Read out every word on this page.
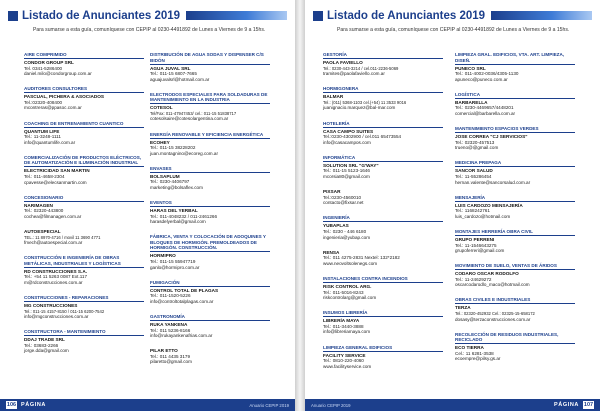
Listado de Anunciantes 2019
Para sumarse a esta guía, comuníquese con CEPIP al 0230-4491892 de Lunes a Viernes de 9 a 15hs.
AIRE COMPRIMIDO
CONDOR GROUP SRL
Tel. 0341-5286400
daniel.milo@condorgroup.com.ar
AUDITORES CONSULTORES
PASCUAL, PICHERA & ASOCIADOS
Tel.:02320-408400
mcontreras@ppasoc.com.ar
COACHING DE ENTRENAMIENTO CUANTICO
QUANTUM LIFE
Tel.: 11-3248-1111
info@quantumlife.com.ar
COMERCIALIZACIÓN DE PRODUCTOS ELÉCTRICOS, DE AUTOMATIZACIÓN E ILUMINACIÓN INDUSTRIAL
ELECTRICIDAD SAN MARTIN
Tel.: 011-4658-2304
cpavesse@elecsanmartin.com
CONCESIONARIO
NARIMAGEN
Tel.: 02320-443800
cochea@filmanagen.com.ar
AUTOESPECIAL
TEL.: 11 8970-4716 / movil 11 3690 4771
fmech@autoespecial.com.ar
CONSTRUCCIÓN E INGENIERÍA DE OBRAS METÁLICAS, INDUSTRIALES Y LOGÍSTICAS
RD CONSTRUCCIONES S.A.
Tel.: +54 11 5263 0087 Ext.117
m@rdconstrucciones.com.ar
CONSTRUCCIONES - REPARACIONES
MG CONSTRUCCIONES
Tel.: 011-15 4157-8150 / 011-15 6200-7542
info@mgconstrucciones.com.ar
CONSTRUCTORA - MANTENIMIENTO
DDAJ TRADE SRL
Tel.: 03683-2266
jorge.dda@gmail.com
DISTRIBUCIÓN DE AGUA SODAS Y DISPENSER C/S BIDÓN
AGUA JUVAL SRL
Tel.: 011-15 6807-7665
aguajuvalsrl@hotmail.com.ar
ELECTRODOS ESPECIALES PARA SOLDADURAS DE MANTENIMIENTO EN LA INDUSTRIA
COTESOL
Tel/Fax: 011-47947453/ cel.: 011-15 51838717
cotesolsaire@cotesolargentina.com.ar
ENERGÍA RENOVABLE Y EFICIENCIA ENERGÉTICA
ECOHEY
Tel.: 011-15 38228202
juan.montagnino@ecoreg.com.ar
ENVASES
BOLSAPLUM
Tel.: 0230-4406797
marketing@bolsaflex.com
EVENTOS
HARAS DEL YERBAL
Tel.: 011-4048232 / 011-2461266
harasdelyerbal@gmail.com
FÁBRICA, VENTA Y COLOCACIÓN DE ADOQUINES Y BLOQUES DE HORMIGÓN. PREMOLDEADOS DE HORMIGÓN. CONSTRUCCIÓN.
HORMIPRO
Tel.: 011-15 55947719
ganlo@hormipro.com.ar
FUMIGACIÓN
CONTROL TOTAL DE PLAGAS
Tel.: 011-1520-5226
info@controltotalplagas.com.ar
GASTRONOMÍA
RUKA YANKENA
Tel.: 011 5236-8166
info@rukayankenafrias.com.ar
PILAR ETTO
Tel.: 011 4435 3179
pilaretto@gmail.com
106 PÁGINA	Anuario CEPIP 2019
Listado de Anunciantes 2019
Para sumarse a esta guía, comuníquese con CEPIP al 0230-4491892 de Lunes a Viernes de 9 a 15hs.
GESTORÍA
PAOLA FAVIELLO
Tel.: 0230-443-3214 / cel.011-2236-5069
tramites@paolafaviello.com.ar
HORMIGONERA
BALMAR
Tel.: (011) 5368-1103 cel.(+54) 11 3533 9016
juanignacio.marquez@bal-mar.com
HOTELERÍA
CASA CAMPO SUITES
Tel.:0230-4302900 / cel.011 65473554
info@casacampos.com
INFORMÁTICA
SOLUTION SRL "G'WAY"
Tel.: 011-15 5123-1646
mcorsia80@gmail.com
PIXSAR
Tel.:0230-4560010
contacto@fixsar.net
INGENIERÍA
YUBAPLAS
Tel.: 0230 - 446 6180
ingenieria@yubap.com
RENSA
Tel.: 011 4275-2831 Nextel: 132*2182
www.neovoltsolenegs.com
INSTALACIONES CONTRA INCENDIOS
RISK CONTROL ARG.
Tel.: 011-5016-8243
riskcontrolarg@gmail.com
INSUMOS LIBRERÍA
LIBRERÍA MAYA
Tel.: 011-3440-3888
info@libreriamaya.com
LIMPIEZA GENERAL EDIFICIOS
FACILITY SERVICE
Tel.: 0810-220-4060
www.facilityservice.com
LIMPIEZA GRAL. EDIFICIOS, VTA. ART. LIMPIEZA, DISEÑ.
PUNECO SRL
Tel.: 011-4002-0036/4305-1130
apuneco@puneco.com.ar
LOGÍSTICA
BARBARELLA
Tel.: 0230-4469657/4448201
comercial@barbarella.com.ar
MANTENIMIENTO ESPACIOS VERDES
JOSE CORREA "CJ SERVICIOS"
Tel.: 02320-457513
trueno@@gmail.com
MEDICINA PREPAGA
SANCOR SALUD
Tel.: 11-55286454
hernan.valente@sancorsalud.com.ar
MENSAJERÍA
LUIS CARDOZO MENSAJERÍA
Tel.: 1168242761
luis_cardozo@hotmail.com
MONTAJES HERRERÍA OBRA CIVIL
GRUPO PERRENI
Tel.: 11-1546643275
grupoferreri@gmail.com
MOVIMIENTO DE SUELO, VENTAS DE ÁRIDOS
CODARO OSCAR RODOLFO
Tel.: 11-24629272
oscarcodarodlo_maco@hotmail.com
OBRAS CIVILES E INDUSTRIALES
TERZA
Tel.: 02320-452932 Cel.: 02325-15-658172
dosasy@terzaconstrucciones.com.ar
RECOLECCIÓN DE RESIDUOS INDUSTRIALES, RECICLADO
ECO TIERRA
Cel.: 11 6281-3538
ecoempre@pilsy.gs.ar
Anuario CEPIP 2019	PÁGINA 107
